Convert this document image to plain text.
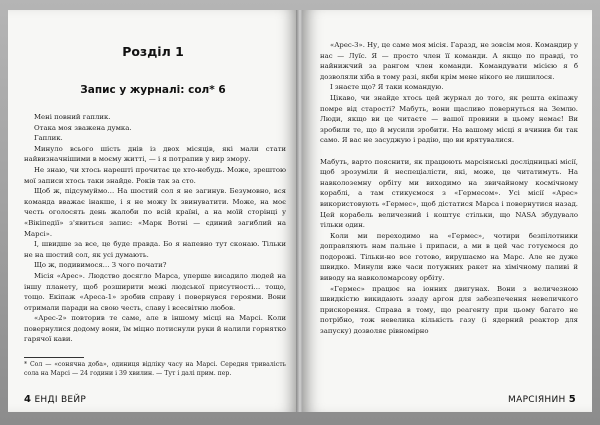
Розділ 1
Запис у журналі: сол* 6

Мені повний гаплик.

Отака моя зважена думка.

Гаплик.

Минуло всього шість днів із двох місяців, які мали стати найвизначнішими в моєму житті, — і я потрапив у вир змору.

Не знаю, чи хтось нарешті прочитає це хто-небудь. Може, зрештою мої записи хтось таки знайде. Років так за сто.

Щоб ж, підсумуймо… На шостий сол я не загинув. Безумовно, вся команда вважає інакше, і я не можу їх звинуватити. Може, на моє честь оголосять день жалоби по всій країні, а на моїй сторінці у «Вікіпедії» з'явиться запис: «Марк Вотні — єдиний загиблий на Марсі».

І, швидше за все, це буде правда. Бо я напевно тут сконаю. Тільки не на шостий сол, як усі думають.

Що ж, подивимося… З чого почати?

Місія «Арес». Людство досягло Марса, уперше висадило людей на іншу планету, щоб розширити межі людської присутності… тощо, тощо. Екіпаж «Ареса-1» зробив справу і повернувся героями. Вони отримали паради на свою честь, славу і всесвітню любов.

«Арес-2» повторив те саме, але в іншому місці на Марсі. Коли повернулися додому вони, їм міцно потиснули руки й налили горнятко гарячої кави.

* Сол — «сонячна доба», одиниця відліку часу на Марсі. Середня тривалість сола на Марсі — 24 години і 39 хвилин. — Тут і далі прим. пер.
4 ЕНДІ ВЕЙР

«Арес-3». Ну, це саме моя місія. Гаразд, не зовсім моя. Командир у нас — Луїс. Я — просто член її команди. А якщо по правді, то найнижчий за рангом член команди. Командувати місією я б дозволяли хіба в тому разі, якби крім мене нікого не лишилося.

І знаєте що? Я таки командую.

Цікаво, чи знайде хтось цей журнал до того, як решта екіпажу помре від старості? Мабуть, вони щасливо повернуться на Землю. Люди, якщо ви це читаєте — вашої провини в цьому немає! Ви зробили те, що й мусили зробити. На вашому місці я вчинив би так само. Я вас не засуджую і радію, що ви врятувалися.

Мабуть, варто пояснити, як працюють марсіянські дослідницькі місії, щоб зрозуміли й неспеціалісти, які, може, це читатимуть. На навколоземну орбіту ми виходимо на звичайному космічному кораблі, а там стикуємося з «Гермесом». Усі місії «Арес» використовують «Гермес», щоб дістатися Марса і повернутися назад. Цей корабель величезний і коштує стільки, що NASA збудувало тільки один.

Коли ми переходимо на «Гермес», чотири безпілотники доправляють нам пальне і припаси, а ми в цей час готуємося до подорожі. Тільки-но все готово, вирушаємо на Марс. Але не дуже швидко. Минули вже часи потужних ракет на хімічному паливі й виводу на навколомарсову орбіту.

«Гермес» працює на іонних двигунах. Вони з величезною швидкістю викидають ззаду аргон для забезпечення невеличкого прискорення. Справа в тому, що реагенту при цьому багато не потрібно, тож невелика кількість газу (і ядерний реактор для запуску) дозволяє рівномірно

МАРСІЯНИН 5
